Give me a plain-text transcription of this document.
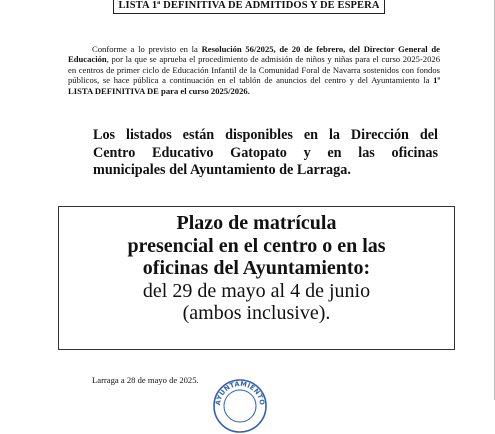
LISTA 1ª DEFINITIVA DE ADMITIDOS Y DE ESPERA

Conforme a lo previsto en la Resolución 56/2025, de 20 de febrero, del Director General de Educación, por la que se aprueba el procedimiento de admisión de niños y niñas para el curso 2025-2026 en centros de primer ciclo de Educación Infantil de la Comunidad Foral de Navarra sostenidos con fondos públicos, se hace pública a continuación en el tablón de anuncios del centro y del Ayuntamiento la 1ª LISTA DEFINITIVA DE para el curso 2025/2026.

Los listados están disponibles en la Dirección del
Centro Educativo Gatopato y en las oficinas
municipales del Ayuntamiento de Larraga.
Plazo de matrícula
presencial en el centro o en las
oficinas del Ayuntamiento:
del 29 de mayo al 4 de junio
(ambos inclusive).
Larraga a 28 de mayo de 2025.
AYUNTAMIENTO
